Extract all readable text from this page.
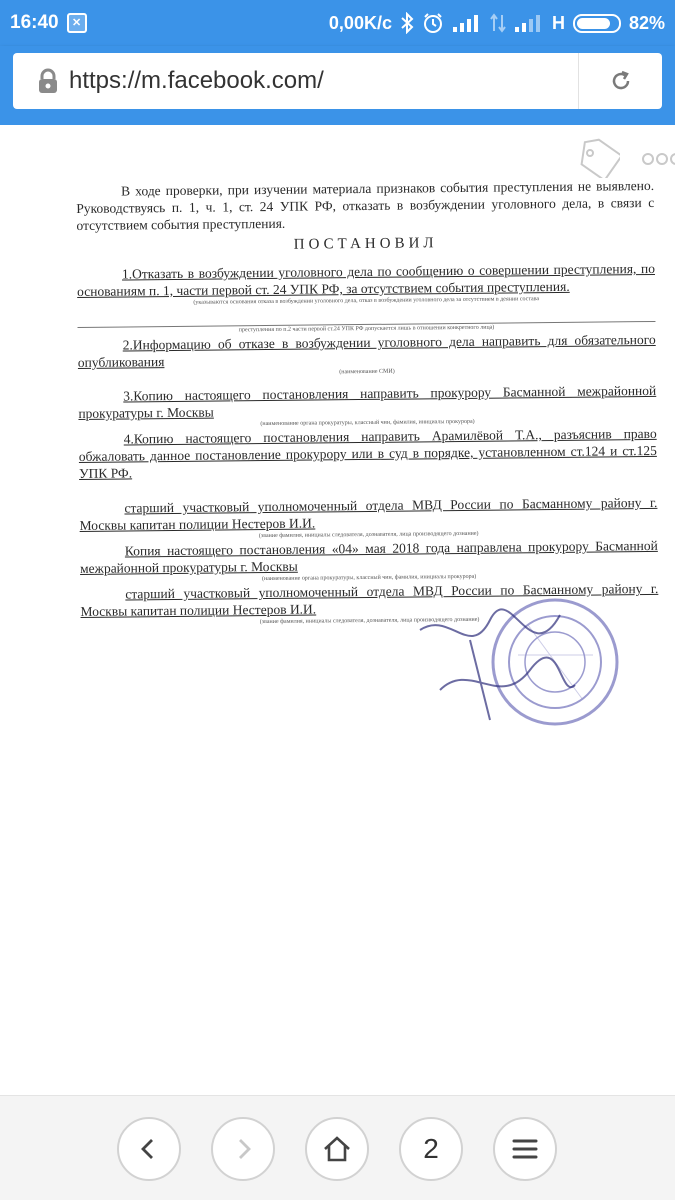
16:40	✕	0,00K/c	H	82%
https://m.facebook.com/

В ходе проверки, при изучении материала признаков события преступления не выявлено. Руководствуясь п. 1, ч. 1, ст. 24 УПК РФ, отказать в возбуждении уголовного дела, в связи с отсутствием события преступления.

ПОСТАНОВИЛ

1.Отказать в возбуждении уголовного дела по сообщению о совершении преступления, по основаниям п. 1, части первой ст. 24 УПК РФ, за отсутствием события преступления.

(указываются основания отказа в возбуждении уголовного дела, отказ в возбуждении уголовного дела за отсутствием в деянии состава

преступления по п.2 части первой ст.24 УПК РФ допускается лишь в отношении конкретного лица)

2.Информацию об отказе в возбуждении уголовного дела направить для обязательного опубликования

(наименование СМИ)

3.Копию настоящего постановления направить прокурору Басманной межрайонной прокуратуры г. Москвы

(наименование органа прокуратуры, классный чин, фамилия, инициалы прокурора)

4.Копию настоящего постановления направить Арамилёвой Т.А., разъяснив право обжаловать данное постановление прокурору или в суд в порядке, установленном ст.124 и ст.125 УПК РФ.

старший участковый уполномоченный отдела МВД России по Басманному району г. Москвы капитан полиции Нестеров И.И.

(звание фамилия, инициалы следователя, дознавателя, лица производящего дознание)

Копия настоящего постановления «04» мая 2018 года направлена прокурору Басманной межрайонной прокуратуры г. Москвы

(наименование органа прокуратуры, классный чин, фамилия, инициалы прокурора)

старший участковый уполномоченный отдела МВД России по Басманному району г. Москвы капитан полиции Нестеров И.И.

(звание фамилия, инициалы следователя, дознавателя, лица производящего дознание)

2
